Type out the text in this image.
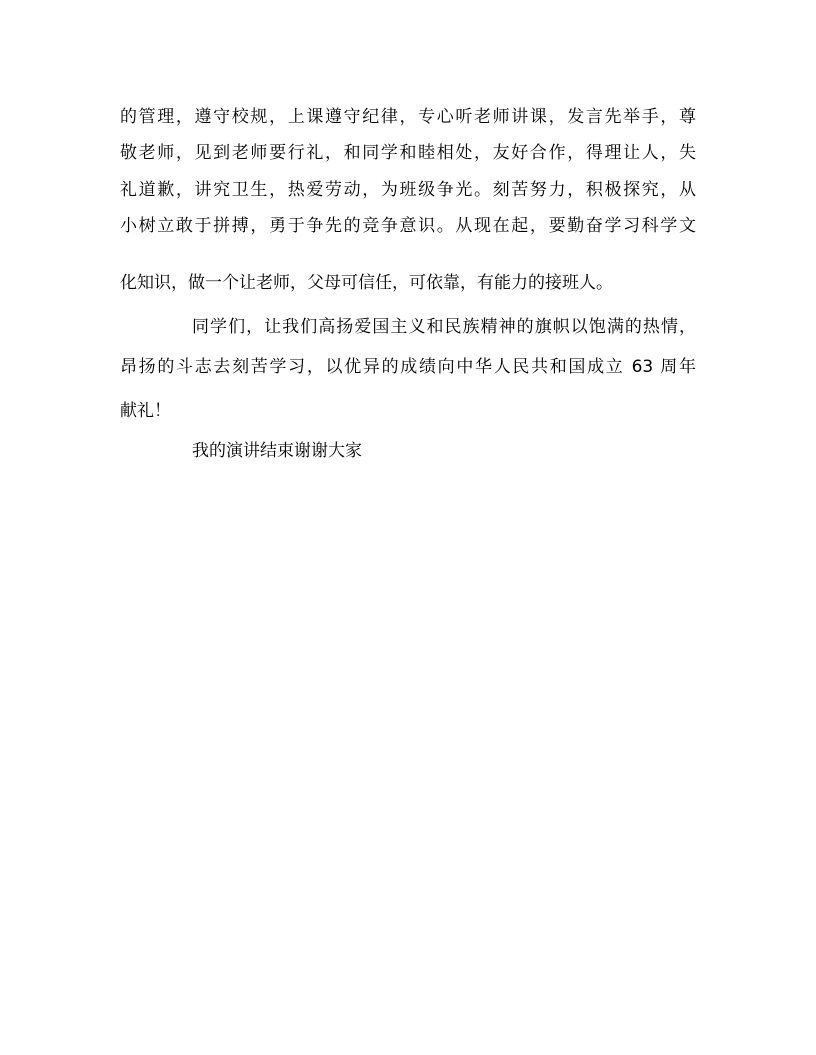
的管理，遵守校规，上课遵守纪律，专心听老师讲课，发言先举手，尊

敬老师，见到老师要行礼，和同学和睦相处，友好合作，得理让人，失

礼道歉，讲究卫生，热爱劳动，为班级争光。刻苦努力，积极探究，从

小树立敢于拼搏，勇于争先的竞争意识。从现在起，要勤奋学习科学文

化知识，做一个让老师，父母可信任，可依靠，有能力的接班人。

同学们，让我们高扬爱国主义和民族精神的旗帜以饱满的热情，

昂扬的斗志去刻苦学习，以优异的成绩向中华人民共和国成立 63 周年

献礼！

我的演讲结束谢谢大家
